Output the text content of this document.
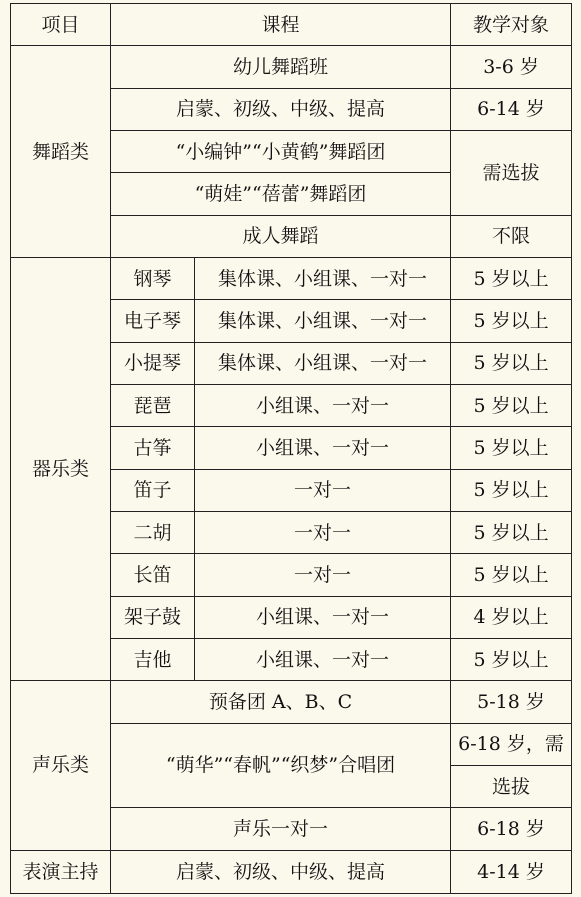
项目	课程		教学对象
舞蹈类	幼儿舞蹈班		3-6 岁
	启蒙、初级、中级、提高		6-14 岁
	“小编钟”“小黄鹤”舞蹈团		需选拔
	“萌娃”“蓓蕾”舞蹈团		
	成人舞蹈		不限
器乐类	钢琴	集体课、小组课、一对一	5 岁以上
	电子琴	集体课、小组课、一对一	5 岁以上
	小提琴	集体课、小组课、一对一	5 岁以上
	琵琶	小组课、一对一	5 岁以上
	古筝	小组课、一对一	5 岁以上
	笛子	一对一	5 岁以上
	二胡	一对一	5 岁以上
	长笛	一对一	5 岁以上
	架子鼓	小组课、一对一	4 岁以上
	吉他	小组课、一对一	5 岁以上
声乐类	预备团 A、B、C		5-18 岁
	“萌华”“春帆”“织梦”合唱团		6-18 岁，需
			选拔
	声乐一对一		6-18 岁
表演主持	启蒙、初级、中级、提高		4-14 岁
